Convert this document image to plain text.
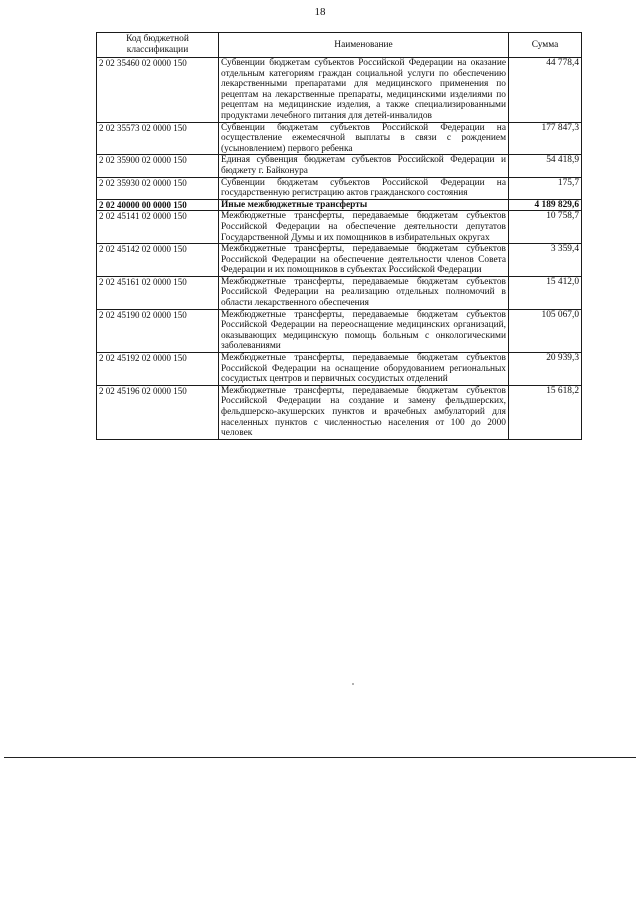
18
Код бюджетной классификации	Наименование	Сумма
2 02 35460 02 0000 150	Субвенции бюджетам субъектов Российской Федерации на оказание отдельным категориям граждан социальной услуги по обеспечению лекарственными препаратами для медицинского применения по рецептам на лекарственные препараты, медицинскими изделиями по рецептам на медицинские изделия, а также специализированными продуктами лечебного питания для детей-инвалидов	44 778,4
2 02 35573 02 0000 150	Субвенции бюджетам субъектов Российской Федерации на осуществление ежемесячной выплаты в связи с рождением (усыновлением) первого ребенка	177 847,3
2 02 35900 02 0000 150	Единая субвенция бюджетам субъектов Российской Федерации и бюджету г. Байконура	54 418,9
2 02 35930 02 0000 150	Субвенции бюджетам субъектов Российской Федерации на государственную регистрацию актов гражданского состояния	175,7
2 02 40000 00 0000 150	Иные межбюджетные трансферты	4 189 829,6
2 02 45141 02 0000 150	Межбюджетные трансферты, передаваемые бюджетам субъектов Российской Федерации на обеспечение деятельности депутатов Государственной Думы и их помощников в избирательных округах	10 758,7
2 02 45142 02 0000 150	Межбюджетные трансферты, передаваемые бюджетам субъектов Российской Федерации на обеспечение деятельности членов Совета Федерации и их помощников в субъектах Российской Федерации	3 359,4
2 02 45161 02 0000 150	Межбюджетные трансферты, передаваемые бюджетам субъектов Российской Федерации на реализацию отдельных полномочий в области лекарственного обеспечения	15 412,0
2 02 45190 02 0000 150	Межбюджетные трансферты, передаваемые бюджетам субъектов Российской Федерации на переоснащение медицинских организаций, оказывающих медицинскую помощь больным с онкологическими заболеваниями	105 067,0
2 02 45192 02 0000 150	Межбюджетные трансферты, передаваемые бюджетам субъектов Российской Федерации на оснащение оборудованием региональных сосудистых центров и первичных сосудистых отделений	20 939,3
2 02 45196 02 0000 150	Межбюджетные трансферты, передаваемые бюджетам субъектов Российской Федерации на создание и замену фельдшерских, фельдшерско-акушерских пунктов и врачебных амбулаторий для населенных пунктов с численностью населения от 100 до 2000 человек	15 618,2
